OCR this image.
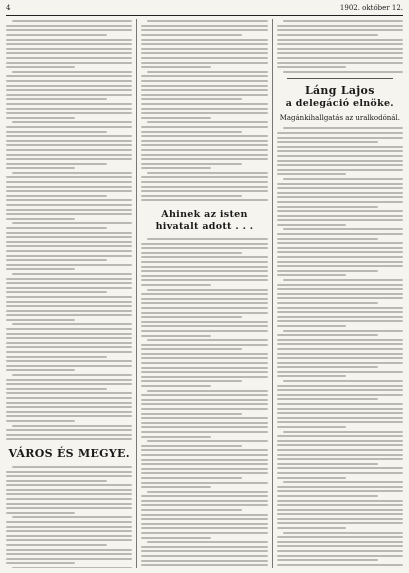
4	1902. október 12.
VÁROS ÉS MEGYE.
Ahinek az isten
hivatalt adott . . .
Láng Lajos
a delegáció elnöke.
Magánkihallgatás az uralkodónál.
